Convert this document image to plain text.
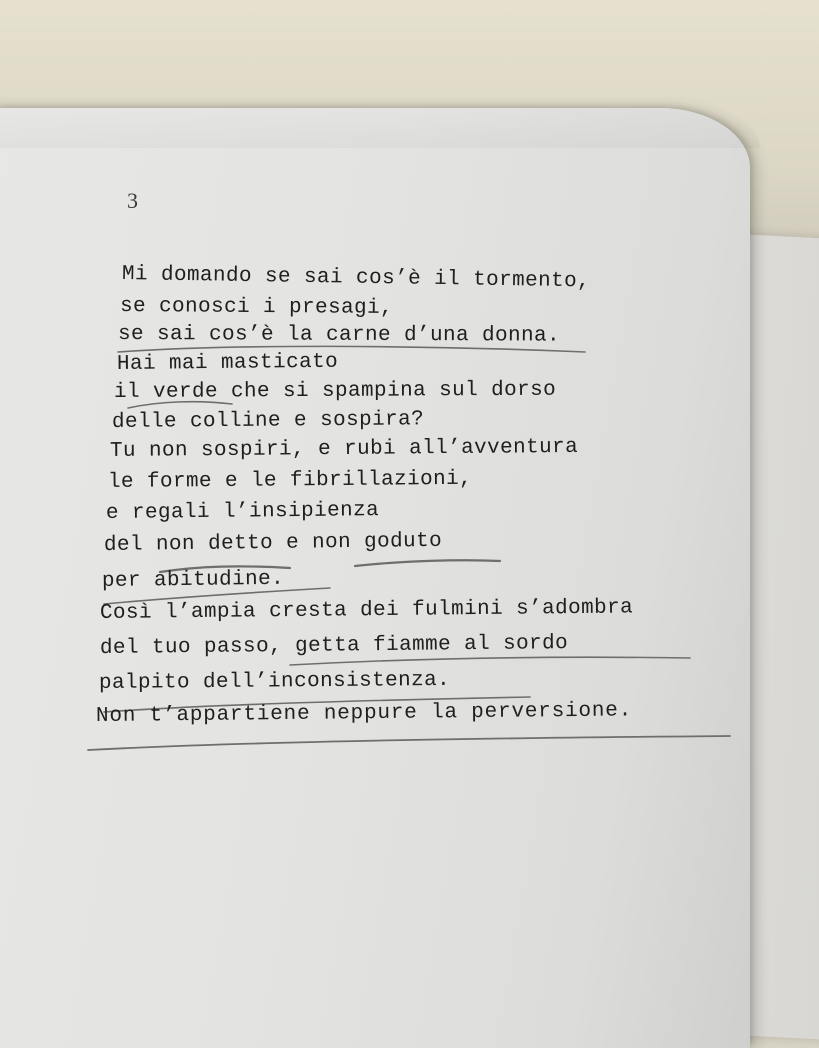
3
Mi domando se sai cos’è il tormento,
se conosci i presagi,
se sai cos’è la carne d’una donna.
Hai mai masticato
il verde che si spampina sul dorso
delle colline e sospira?
Tu non sospiri, e rubi all’avventura
le forme e le fibrillazioni,
e regali l’insipienza
del non detto e non goduto
per abitudine.
Così l’ampia cresta dei fulmini s’adombra
del tuo passo, getta fiamme al sordo
palpito dell’inconsistenza.
Non t’appartiene neppure la perversione.
